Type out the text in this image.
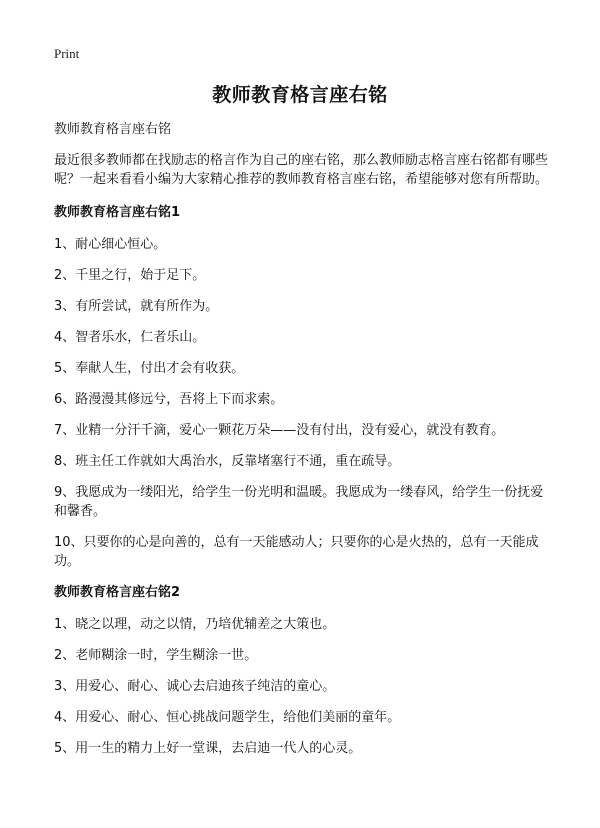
Print
教师教育格言座右铭

教师教育格言座右铭

最近很多教师都在找励志的格言作为自己的座右铭，那么教师励志格言座右铭都有哪些呢？一起来看看小编为大家精心推荐的教师教育格言座右铭，希望能够对您有所帮助。

教师教育格言座右铭1

1、耐心细心恒心。

2、千里之行，始于足下。

3、有所尝试，就有所作为。

4、智者乐水，仁者乐山。

5、奉献人生，付出才会有收获。

6、路漫漫其修远兮，吾将上下而求索。

7、业精一分汗千滴，爱心一颗花万朵——没有付出，没有爱心，就没有教育。

8、班主任工作就如大禹治水，反靠堵塞行不通，重在疏导。

9、我愿成为一缕阳光，给学生一份光明和温暖。我愿成为一缕春风，给学生一份抚爱和馨香。

10、只要你的心是向善的，总有一天能感动人；只要你的心是火热的，总有一天能成功。

教师教育格言座右铭2

1、晓之以理，动之以情，乃培优辅差之大策也。

2、老师糊涂一时，学生糊涂一世。

3、用爱心、耐心、诚心去启迪孩子纯洁的童心。

4、用爱心、耐心、恒心挑战问题学生，给他们美丽的童年。

5、用一生的精力上好一堂课，去启迪一代人的心灵。
